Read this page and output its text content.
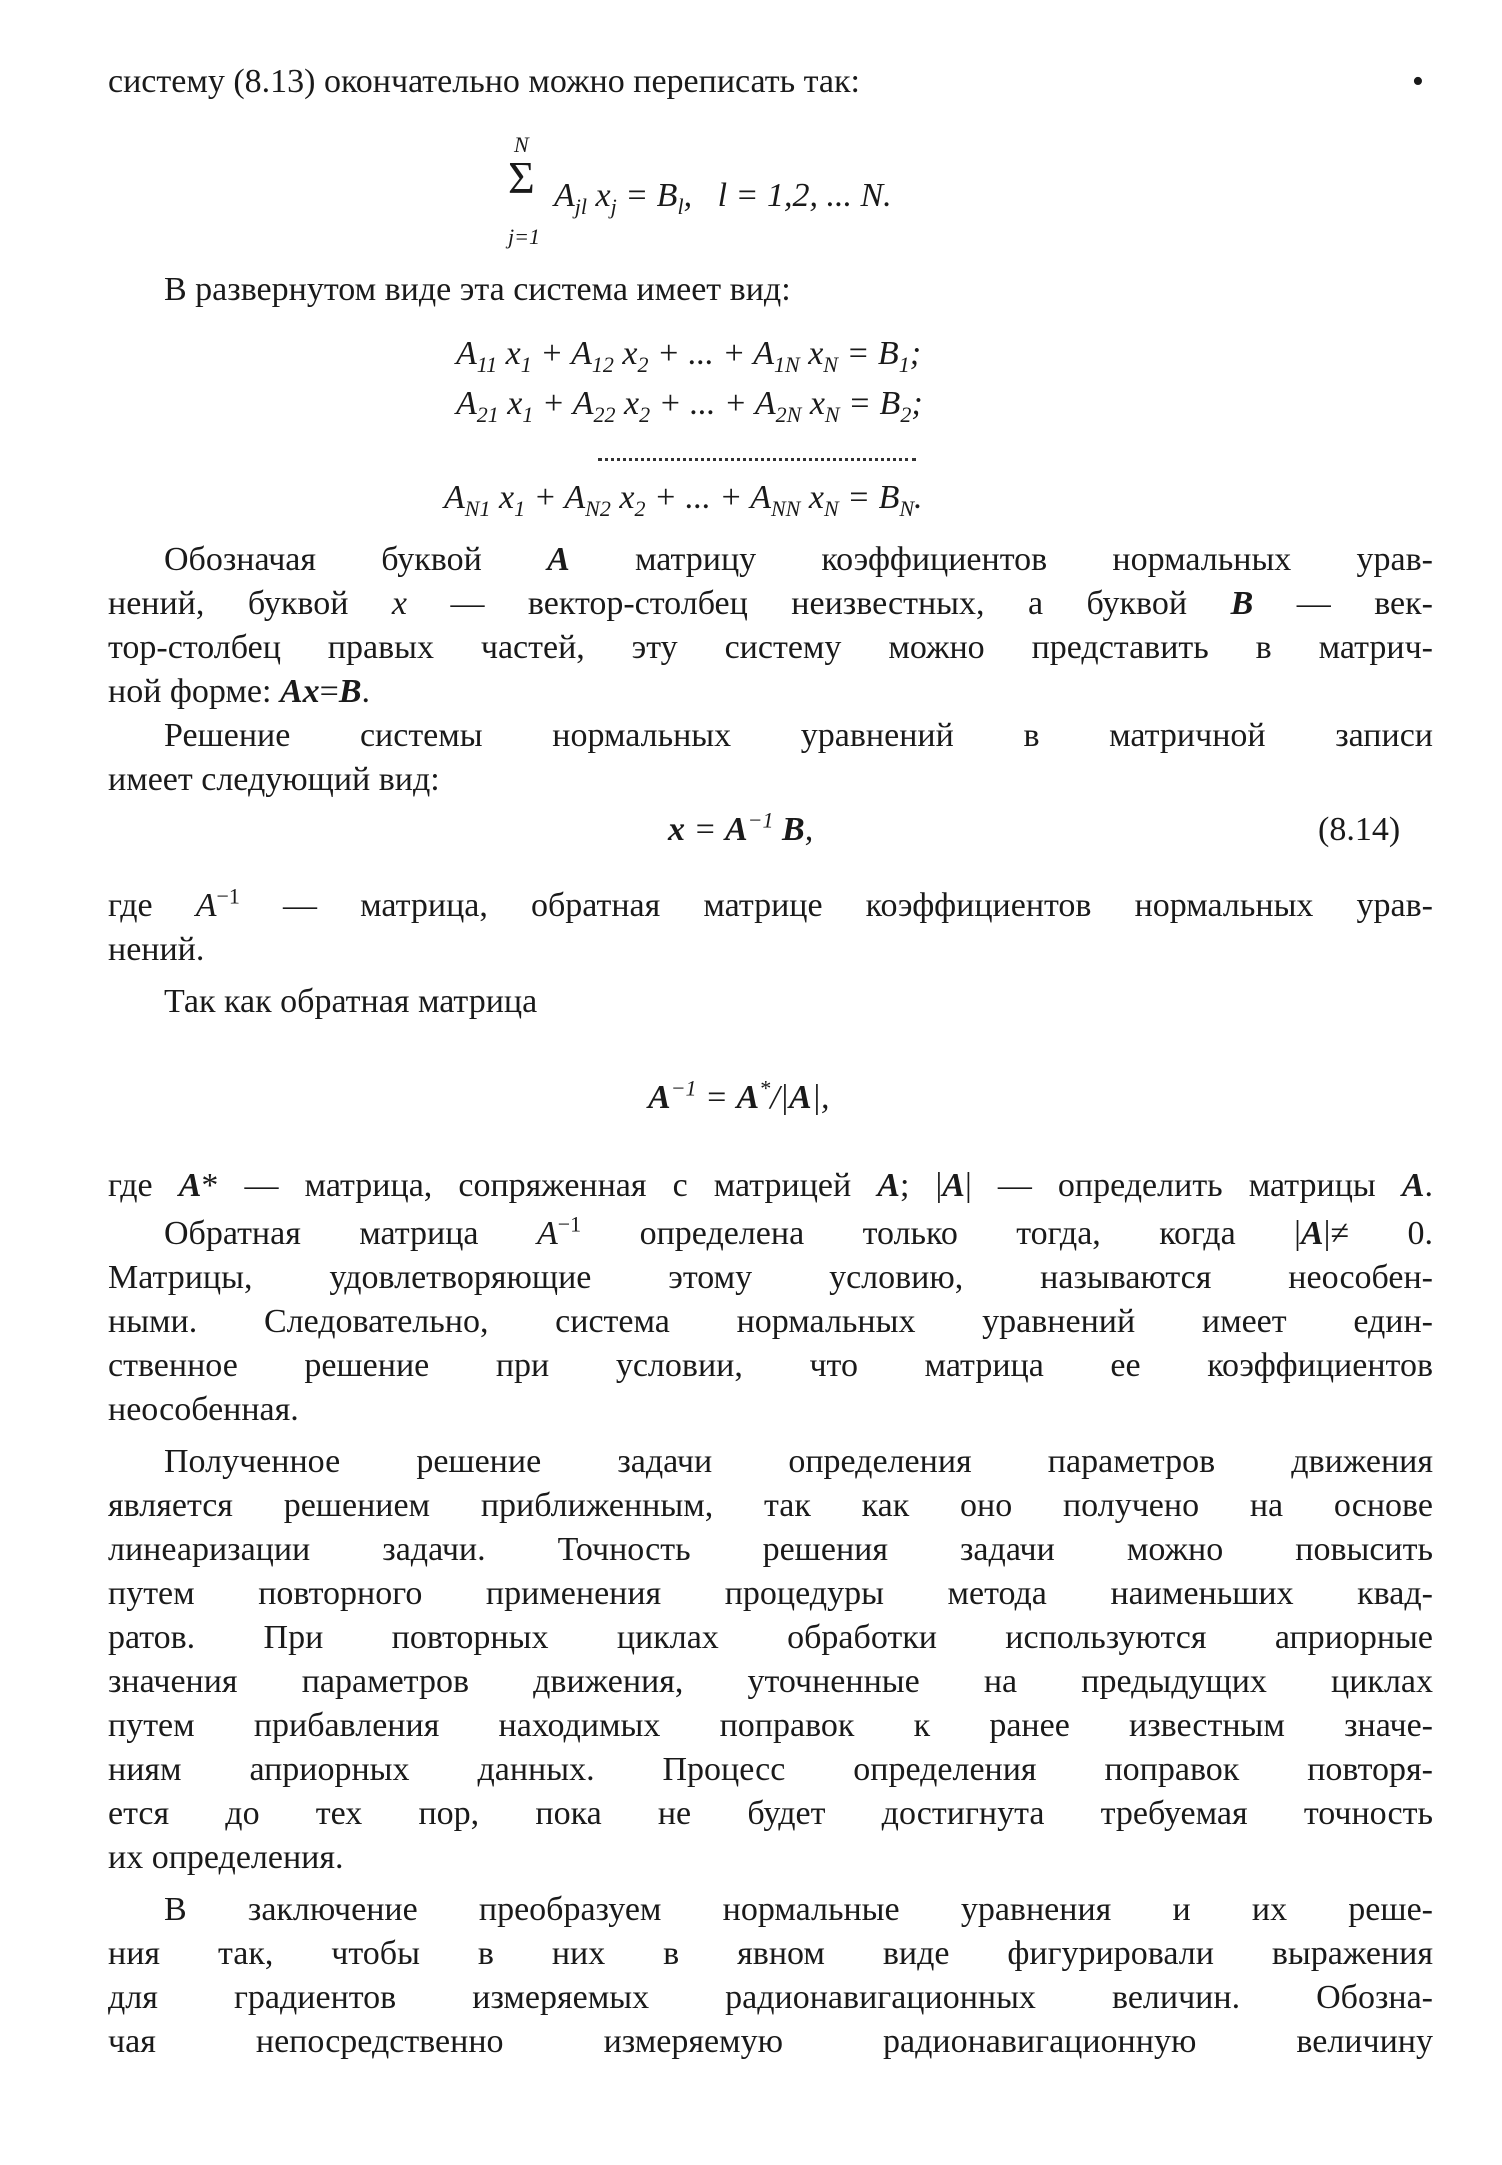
систему (8.13) окончательно можно переписать так:	•
N
Σ $A_{jl}$ $x_j = B_l$,   l = 1,2, ... N.
j=1

В развернутом виде эта система имеет вид:

$A_{11}$ $x_1 + A_{12}$ $x_2$ + ... + $A_{1N}$ $x_N = B_1$;
$A_{21}$ $x_1 + A_{22}$ $x_2$ + ... + $A_{2N}$ $x_N = B_2$;
$A_{N1}$ $x_1 + A_{N2}$ $x_2$ + ... + $A_{NN}$ $x_N = B_N$.

Обозначая буквой A матрицу коэффициентов нормальных урав-

нений, буквой x — вектор-столбец неизвестных, а буквой B — век-

тор-столбец правых частей, эту систему можно представить в матрич-

ной форме: Ax=B.

Решение системы нормальных уравнений в матричной записи

имеет следующий вид:

$x = A^{-1}$ B,	(8.14)

где $A^{-1}$ — матрица, обратная матрице коэффициентов нормальных урав-

нений.

Так как обратная матрица

$A^{-1} = A^*/|A|$,

где A* — матрица, сопряженная с матрицей A; |A| — определить матрицы A.

Обратная матрица $A^{-1}$ определена только тогда, когда |A|≠ 0.

Матрицы, удовлетворяющие этому условию, называются неособен-

ными. Следовательно, система нормальных уравнений имеет един-

ственное решение при условии, что матрица ее коэффициентов

неособенная.

Полученное решение задачи определения параметров движения

является решением приближенным, так как оно получено на основе

линеаризации задачи. Точность решения задачи можно повысить

путем повторного применения процедуры метода наименьших квад-

ратов. При повторных циклах обработки используются априорные

значения параметров движения, уточненные на предыдущих циклах

путем прибавления находимых поправок к ранее известным значе-

ниям априорных данных. Процесс определения поправок повторя-

ется до тех пор, пока не будет достигнута требуемая точность

их определения.

В заключение преобразуем нормальные уравнения и их реше-

ния так, чтобы в них в явном виде фигурировали выражения

для градиентов измеряемых радионавигационных величин. Обозна-

чая непосредственно измеряемую радионавигационную величину
